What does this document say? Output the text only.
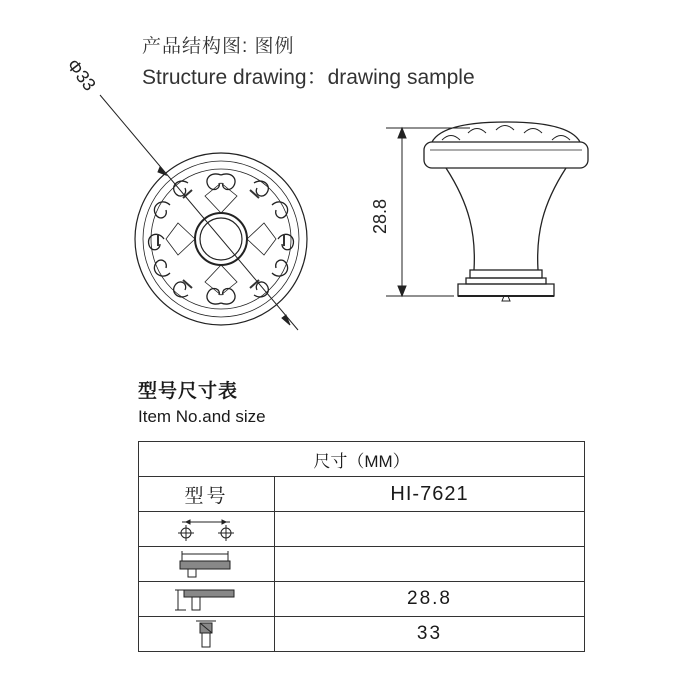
产品结构图: 图例
Structure drawing：drawing sample
Φ33
28.8
型号尺寸表
Item No.and size
尺寸（MM）	
型号	HI-7621

	28.8

	33
